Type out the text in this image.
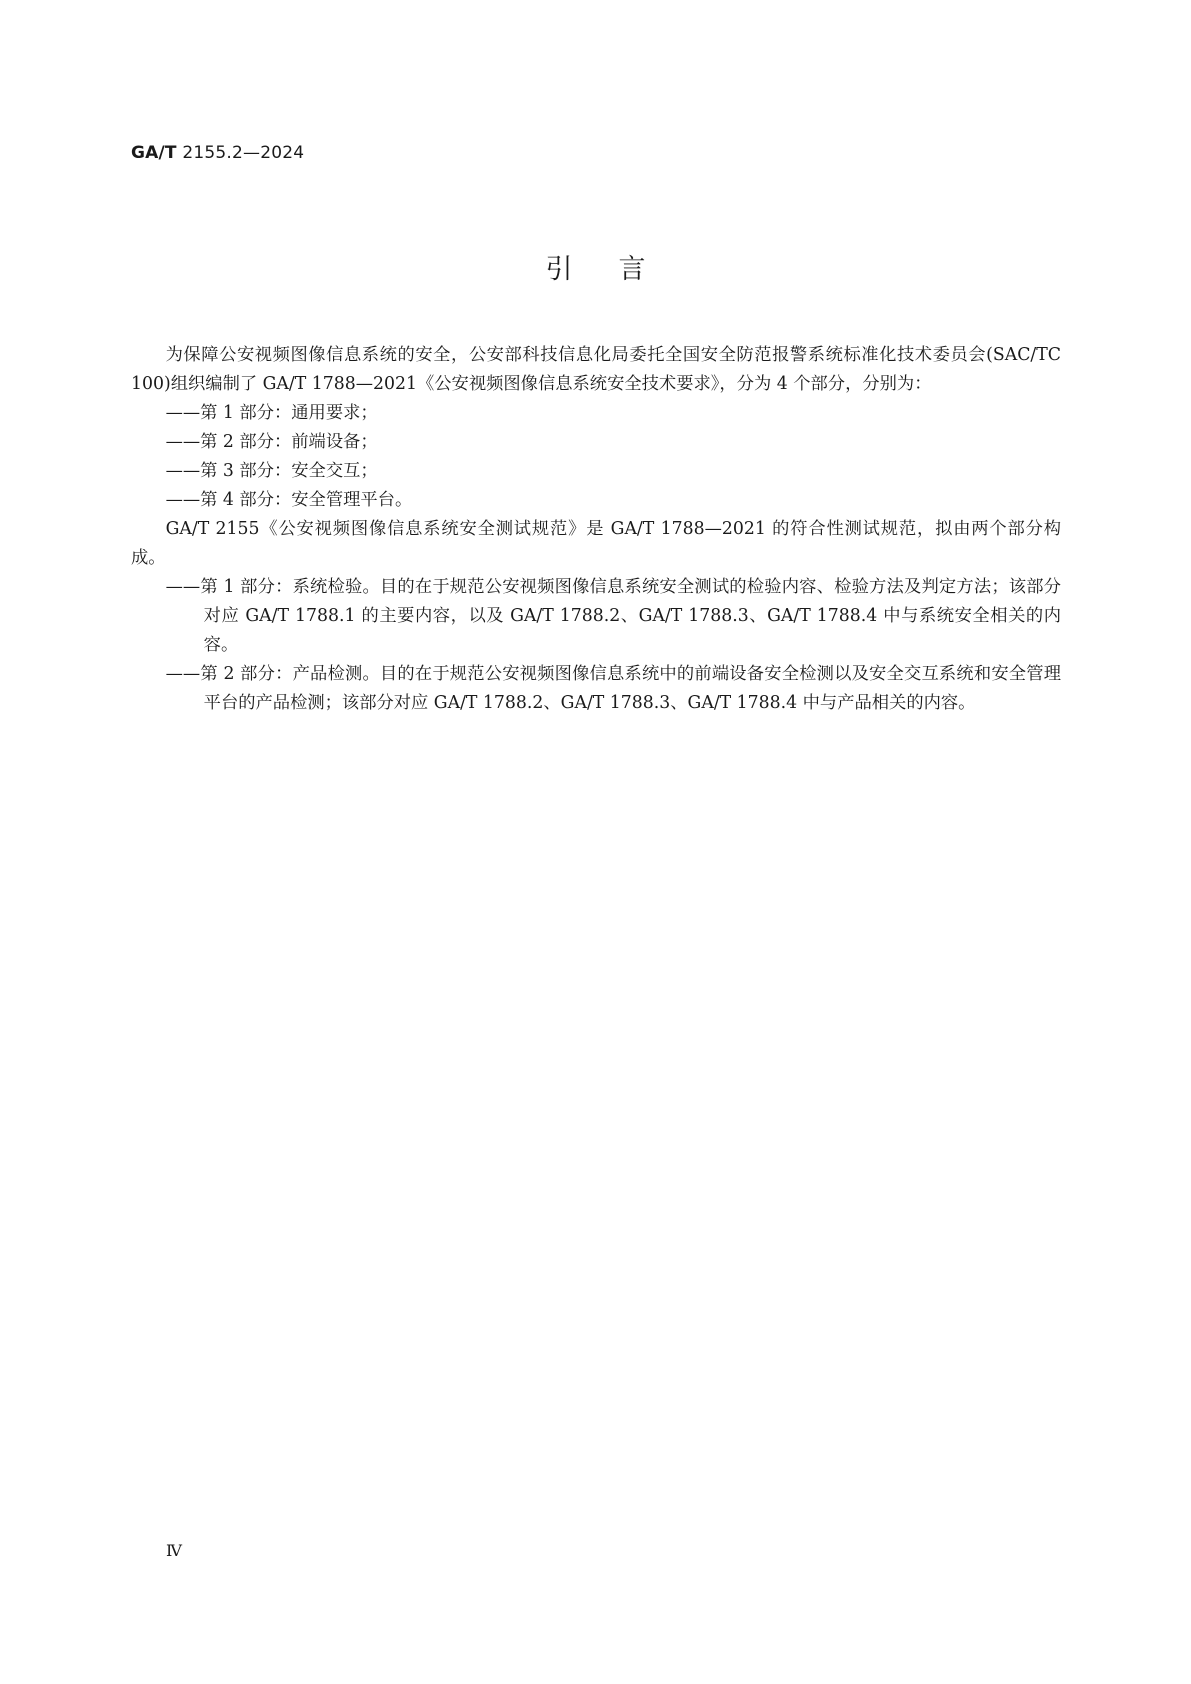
GA/T 2155.2—2024
引言

为保障公安视频图像信息系统的安全，公安部科技信息化局委托全国安全防范报警系统标准化技术委员会(SAC/TC 100)组织编制了 GA/T 1788—2021《公安视频图像信息系统安全技术要求》，分为 4 个部分，分别为：

——第 1 部分：通用要求；

——第 2 部分：前端设备；

——第 3 部分：安全交互；

——第 4 部分：安全管理平台。

GA/T 2155《公安视频图像信息系统安全测试规范》是 GA/T 1788—2021 的符合性测试规范，拟由两个部分构成。

——第 1 部分：系统检验。目的在于规范公安视频图像信息系统安全测试的检验内容、检验方法及判定方法；该部分对应 GA/T 1788.1 的主要内容，以及 GA/T 1788.2、GA/T 1788.3、GA/T 1788.4 中与系统安全相关的内容。

——第 2 部分：产品检测。目的在于规范公安视频图像信息系统中的前端设备安全检测以及安全交互系统和安全管理平台的产品检测；该部分对应 GA/T 1788.2、GA/T 1788.3、GA/T 1788.4 中与产品相关的内容。

Ⅳ
